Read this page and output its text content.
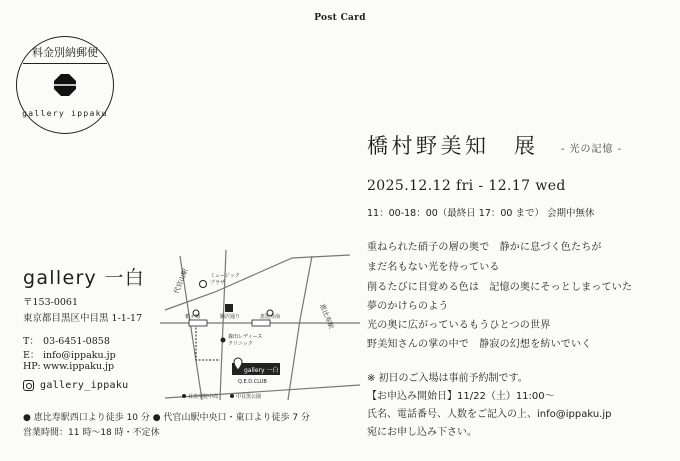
Post Card
料金別納郵便
gallery ippaku
橋村野美知　展 - 光の記憶 -
2025.12.12 fri - 12.17 wed
11：00-18：00（最終日 17：00 まで） 会期中無休
重ねられた硝子の層の奥で　静かに息づく色たちが
まだ名もない光を待っている
削るたびに目覚める色は　記憶の奥にそっとしまっていた
夢のかけらのよう
光の奥に広がっているもうひとつの世界
野美知さんの掌の中で　静寂の幻想を紡いでいく
※ 初日のご入場は事前予約制です。
【お申込み開始日】11/22（土）11:00～
氏名、電話番号、人数をご記入の上、info@ippaku.jp
宛にお申し込み下さい。
gallery 一白
〒153-0061
東京都目黒区中目黒 1-1-17
T： 03-6451-0858
E： info@ippaku.jp
HP: www.ippaku.jp
gallery_ippaku
● 恵比寿駅西口より徒歩 10 分 ● 代官山駅中央口・東口より徒歩 7 分
営業時間：11 時～18 時・不定休
代官山駅	ミュージック
プラザ
恵比寿駅
槍ヶ崎	駒沢通り	恵比寿南
森田レディース
クリニック
gallery 一白
Q.E.D.CLUB
目黒学院中高	中目黒公園
